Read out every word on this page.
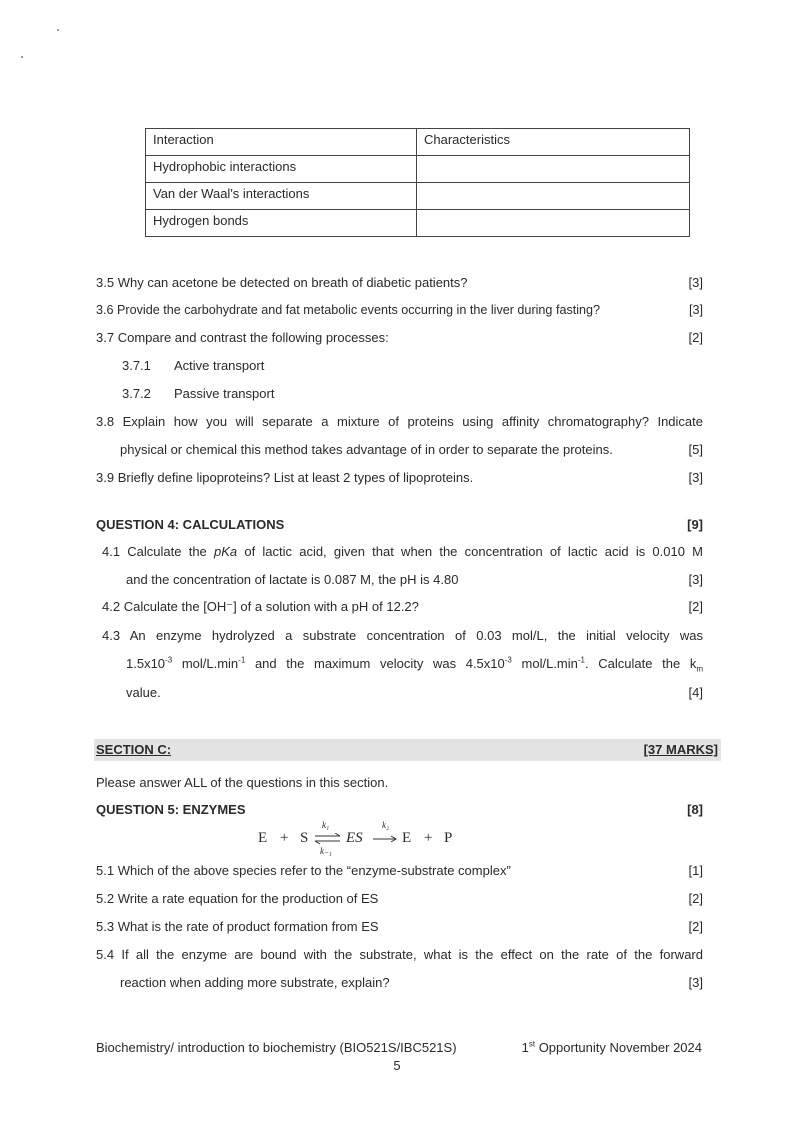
Interaction	Characteristics
Hydrophobic interactions	
Van der Waal's interactions	
Hydrogen bonds	
3.5 Why can acetone be detected on breath of diabetic patients?	[3]
3.6 Provide the carbohydrate and fat metabolic events occurring in the liver during fasting?	[3]
3.7 Compare and contrast the following processes:	[2]
3.7.1 Active transport
3.7.2 Passive transport
3.8 Explain how you will separate a mixture of proteins using affinity chromatography? Indicate
physical or chemical this method takes advantage of in order to separate the proteins.	[5]
3.9 Briefly define lipoproteins? List at least 2 types of lipoproteins.	[3]
QUESTION 4: CALCULATIONS	[9]
4.1 Calculate the pKa of lactic acid, given that when the concentration of lactic acid is 0.010 M
and the concentration of lactate is 0.087 M, the pH is 4.80	[3]
4.2 Calculate the [OH⁻] of a solution with a pH of 12.2?	[2]
4.3 An enzyme hydrolyzed a substrate concentration of 0.03 mol/L, the initial velocity was
$1.5x10^{-3}$ mol/$L.\min^{-1}$ and the maximum velocity was $4.5x10^{-3}$ mol/$L.\min^{-1}$. Calculate the $k_m$
value.	[4]
SECTION C:	[37 MARKS]
Please answer ALL of the questions in this section.
QUESTION 5: ENZYMES	[8]
E + S
k₁
k₋₁
ES
k₂
E + P
5.1 Which of the above species refer to the “enzyme-substrate complex”	[1]
5.2 Write a rate equation for the production of ES	[2]
5.3 What is the rate of product formation from ES	[2]
5.4 If all the enzyme are bound with the substrate, what is the effect on the rate of the forward
reaction when adding more substrate, explain?	[3]
Biochemistry/ introduction to biochemistry (BIO521S/IBC521S)	1st Opportunity November 2024
5
